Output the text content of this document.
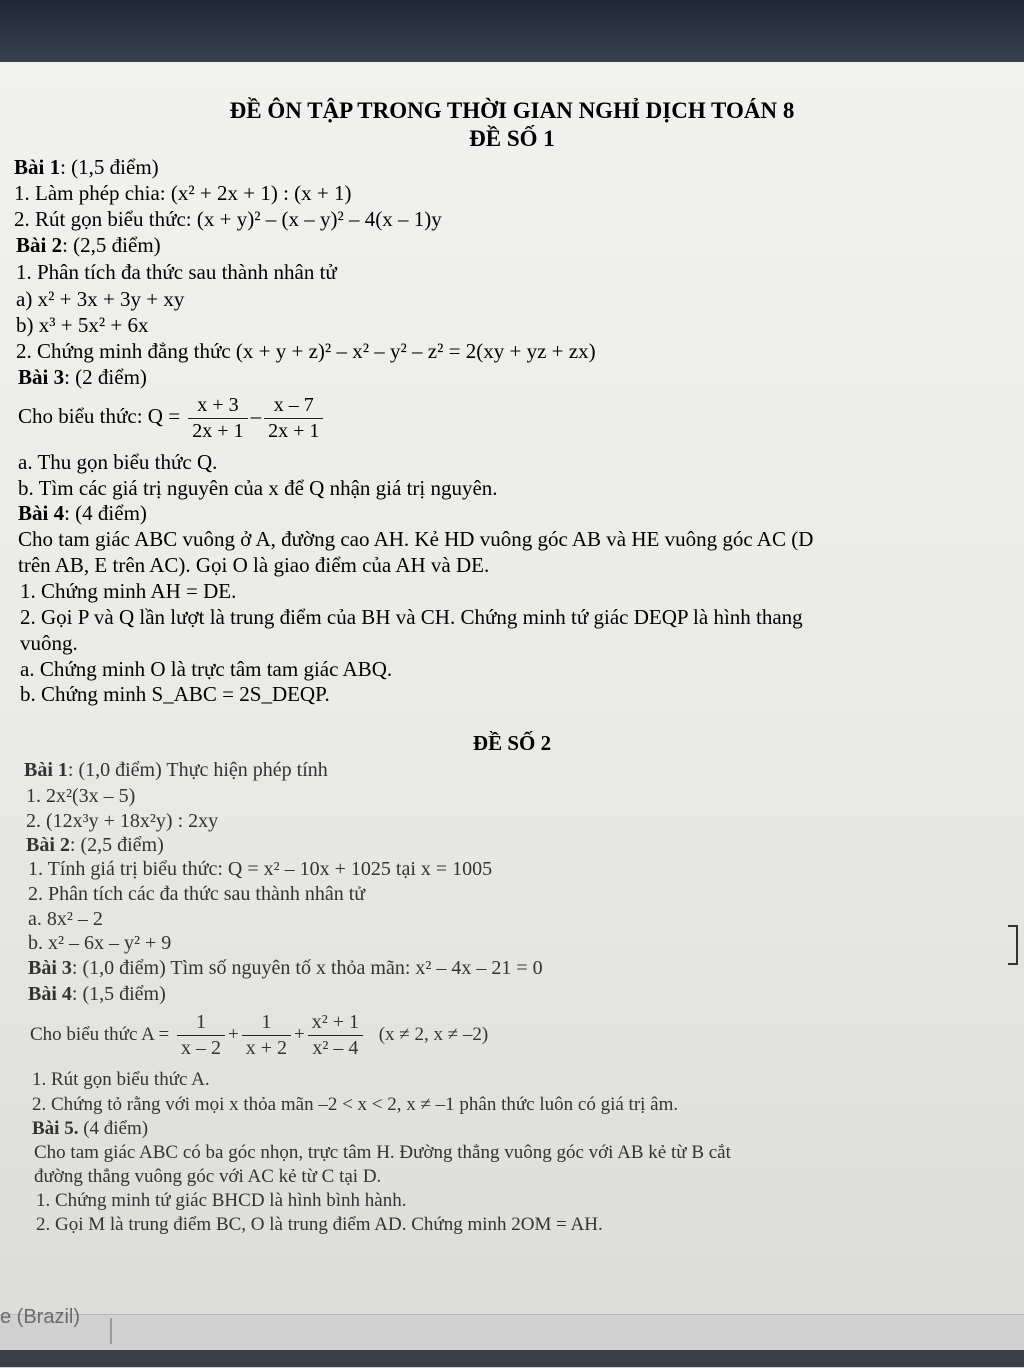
ĐỀ ÔN TẬP TRONG THỜI GIAN NGHỈ DỊCH TOÁN 8
ĐỀ SỐ 1
Bài 1: (1,5 điểm)
1. Làm phép chia: (x² + 2x + 1) : (x + 1)
2. Rút gọn biểu thức: (x + y)² – (x – y)² – 4(x – 1)y
Bài 2: (2,5 điểm)
1. Phân tích đa thức sau thành nhân tử
a) x² + 3x + 3y + xy
b) x³ + 5x² + 6x
2. Chứng minh đẳng thức (x + y + z)² – x² – y² – z² = 2(xy + yz + zx)
Bài 3: (2 điểm)
Cho biểu thức: $Q = \frac{x + 3}{2x + 1} - \frac{x - 7}{2x + 1}$
a. Thu gọn biểu thức Q.
b. Tìm các giá trị nguyên của x để Q nhận giá trị nguyên.
Bài 4: (4 điểm)
Cho tam giác ABC vuông ở A, đường cao AH. Kẻ HD vuông góc AB và HE vuông góc AC (D
trên AB, E trên AC). Gọi O là giao điểm của AH và DE.
1. Chứng minh AH = DE.
2. Gọi P và Q lần lượt là trung điểm của BH và CH. Chứng minh tứ giác DEQP là hình thang
vuông.
a. Chứng minh O là trực tâm tam giác ABQ.
b. Chứng minh S_ABC = 2S_DEQP.
ĐỀ SỐ 2
Bài 1: (1,0 điểm) Thực hiện phép tính
1. 2x²(3x – 5)
2. (12x³y + 18x²y) : 2xy
Bài 2: (2,5 điểm)
1. Tính giá trị biểu thức: Q = x² – 10x + 1025 tại x = 1005
2. Phân tích các đa thức sau thành nhân tử
a. 8x² – 2
b. x² – 6x – y² + 9
Bài 3: (1,0 điểm) Tìm số nguyên tố x thỏa mãn: x² – 4x – 21 = 0
Bài 4: (1,5 điểm)
Cho biểu thức $A = \frac{1}{x - 2} + \frac{1}{x + 2} + \frac{\text{x² + 1}}{\text{x² – 4}} (x \ne 2$, x ≠ –2)
1. Rút gọn biểu thức A.
2. Chứng tỏ rằng với mọi x thỏa mãn –2 < x < 2, x ≠ –1 phân thức luôn có giá trị âm.
Bài 5. (4 điểm)
Cho tam giác ABC có ba góc nhọn, trực tâm H. Đường thẳng vuông góc với AB kẻ từ B cắt
đường thẳng vuông góc với AC kẻ từ C tại D.
1. Chứng minh tứ giác BHCD là hình bình hành.
2. Gọi M là trung điểm BC, O là trung điểm AD. Chứng minh 2OM = AH.
e (Brazil)
